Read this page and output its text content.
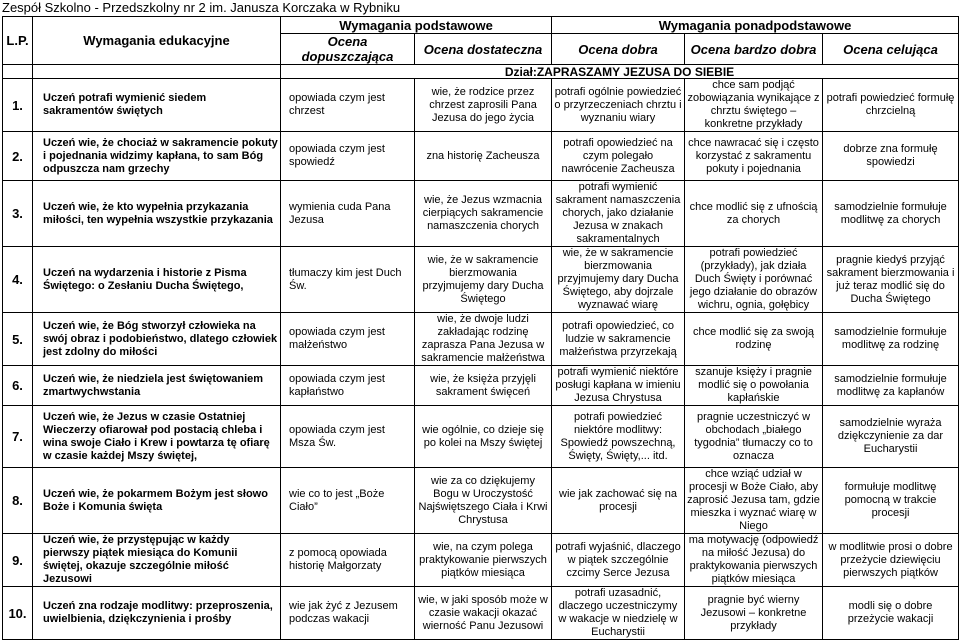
Zespół Szkolno - Przedszkolny nr 2 im. Janusza Korczaka w Rybniku
L.P.	Wymagania edukacyjne	Wymagania podstawowe		Wymagania ponadpodstawowe		
		Ocena dopuszczająca	Ocena dostateczna	Ocena dobra	Ocena bardzo dobra	Ocena celująca
		Dział:ZAPRASZAMY JEZUSA DO SIEBIE				
1.	Uczeń potrafi wymienić siedem sakramentów świętych	opowiada czym jest chrzest	wie, że rodzice przez chrzest zaprosili Pana Jezusa do jego życia	potrafi ogólnie powiedzieć o przyrzeczeniach chrztu i wyznaniu wiary	chce sam podjąć zobowiązania wynikające z chrztu świętego – konkretne przykłady	potrafi powiedzieć formułę chrzcielną
2.	Uczeń wie, że chociaż w sakramencie pokuty i pojednania widzimy kapłana, to sam Bóg odpuszcza nam grzechy	opowiada czym jest spowiedź	zna historię Zacheusza	potrafi opowiedzieć na czym polegało nawrócenie Zacheusza	chce nawracać się i często korzystać z sakramentu pokuty i pojednania	dobrze zna formułę spowiedzi
3.	Uczeń wie, że kto wypełnia przykazania miłości, ten wypełnia wszystkie przykazania	wymienia cuda Pana Jezusa	wie, że Jezus wzmacnia cierpiących sakramencie namaszczenia chorych	potrafi wymienić sakrament namaszczenia chorych, jako działanie Jezusa w znakach sakramentalnych	chce modlić się z ufnością za chorych	samodzielnie formułuje modlitwę za chorych
4.	Uczeń na wydarzenia i historie z Pisma Świętego: o Zesłaniu Ducha Świętego,	tłumaczy kim jest Duch Św.	wie, że w sakramencie bierzmowania przyjmujemy dary Ducha Świętego	wie, że w sakramencie bierzmowania przyjmujemy dary Ducha Świętego, aby dojrzale wyznawać wiarę	potrafi powiedzieć (przykłady), jak działa Duch Święty i porównać jego działanie do obrazów wichru, ognia, gołębicy	pragnie kiedyś przyjąć sakrament bierzmowania i już teraz modlić się do Ducha Świętego
5.	Uczeń wie, że Bóg stworzył człowieka na swój obraz i podobieństwo, dlatego człowiek jest zdolny do miłości	opowiada czym jest małżeństwo	wie, że dwoje ludzi zakładając rodzinę zaprasza Pana Jezusa w sakramencie małżeństwa	potrafi opowiedzieć, co ludzie w sakramencie małżeństwa przyrzekają	chce modlić się za swoją rodzinę	samodzielnie formułuje modlitwę za rodzinę
6.	Uczeń wie, że niedziela jest świętowaniem zmartwychwstania	opowiada czym jest kapłaństwo	wie, że księża przyjęli sakrament święceń	potrafi wymienić niektóre posługi kapłana w imieniu Jezusa Chrystusa	szanuje księży i pragnie modlić się o powołania kapłańskie	samodzielnie formułuje modlitwę za kapłanów
7.	Uczeń wie, że Jezus w czasie Ostatniej Wieczerzy ofiarował pod postacią chleba i wina swoje Ciało i Krew i powtarza tę ofiarę w czasie każdej Mszy świętej,	opowiada czym jest Msza Św.	wie ogólnie, co dzieje się po kolei na Mszy świętej	potrafi powiedzieć niektóre modlitwy: Spowiedź powszechną, Święty, Święty,... itd.	pragnie uczestniczyć w obchodach „białego tygodnia” tłumaczy co to oznacza	samodzielnie wyraża dziękczynienie za dar Eucharystii
8.	Uczeń wie, że pokarmem Bożym jest słowo Boże i Komunia święta	wie co to jest „Boże Ciało”	wie za co dziękujemy Bogu w Uroczystość Najświętszego Ciała i Krwi Chrystusa	wie jak zachować się na procesji	chce wziąć udział w procesji w Boże Ciało, aby zaprosić Jezusa tam, gdzie mieszka i wyznać wiarę w Niego	formułuje modlitwę pomocną w trakcie procesji
9.	Uczeń wie, że przystępując w każdy pierwszy piątek miesiąca do Komunii świętej, okazuje szczególnie miłość Jezusowi	z pomocą opowiada historię Małgorzaty	wie, na czym polega praktykowanie pierwszych piątków miesiąca	potrafi wyjaśnić, dlaczego w piątek szczególnie czcimy Serce Jezusa	ma motywację (odpowiedź na miłość Jezusa) do praktykowania pierwszych piątków miesiąca	w modlitwie prosi o dobre przeżycie dziewięciu pierwszych piątków
10.	Uczeń zna rodzaje modlitwy: przeproszenia, uwielbienia, dziękczynienia i prośby	wie jak żyć z Jezusem podczas wakacji	wie, w jaki sposób może w czasie wakacji okazać wierność Panu Jezusowi	potrafi uzasadnić, dlaczego uczestniczymy w wakacje w niedzielę w Eucharystii	pragnie być wierny Jezusowi – konkretne przykłady	modli się o dobre przeżycie wakacji
